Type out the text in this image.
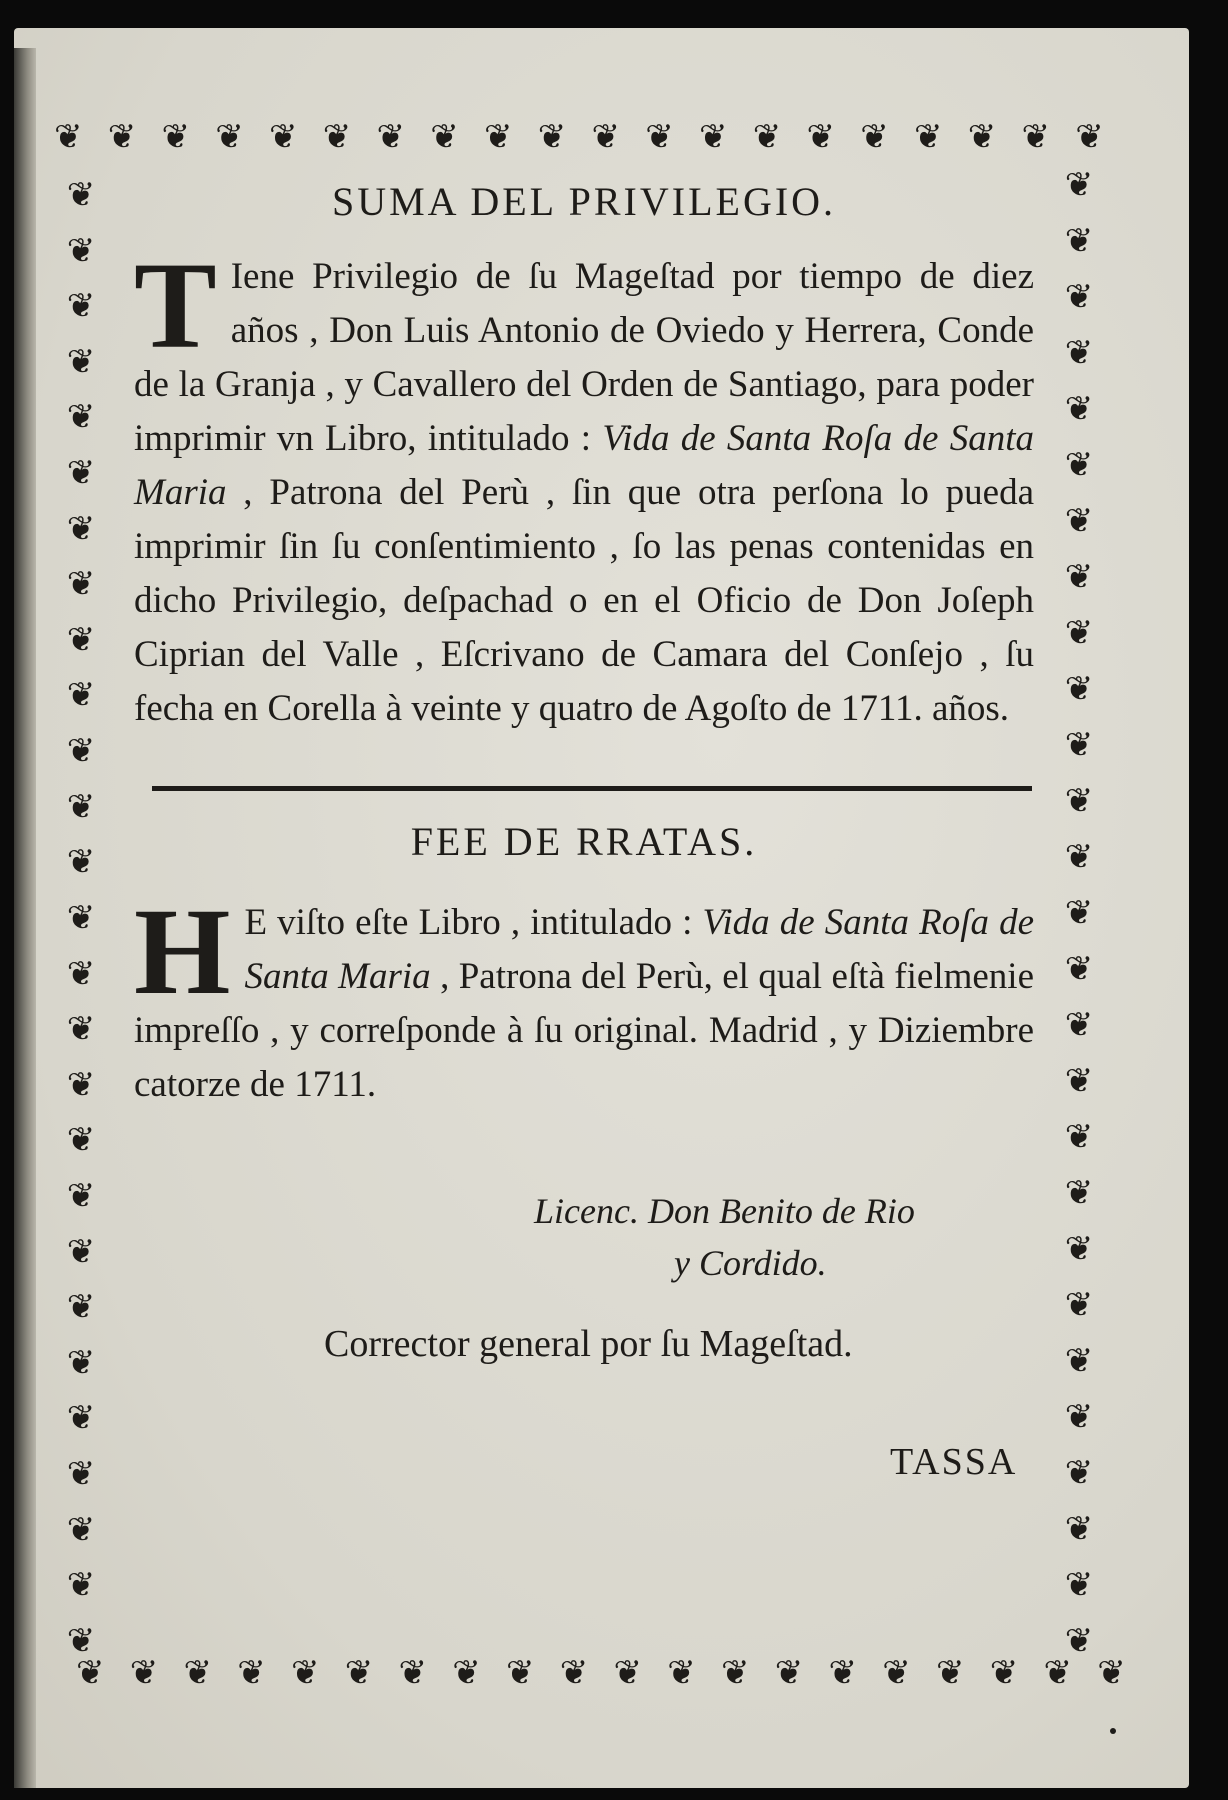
❦ ❦ ❦ ❦ ❦ ❦ ❦ ❦ ❦ ❦ ❦ ❦ ❦ ❦ ❦ ❦ ❦ ❦ ❦ ❦
❦ ❦ ❦ ❦ ❦ ❦ ❦ ❦ ❦ ❦ ❦ ❦ ❦ ❦ ❦ ❦ ❦ ❦ ❦ ❦
❦
❦
❦
❦
❦
❦
❦
❦
❦
❦
❦
❦
❦
❦
❦
❦
❦
❦
❦
❦
❦
❦
❦
❦
❦
❦
❦
❦
❦
❦
❦
❦
❦
❦
❦
❦
❦
❦
❦
❦
❦
❦
❦
❦
❦
❦
❦
❦
❦
❦
❦
❦
❦
❦
SUMA DEL PRIVILEGIO.
T Iene Privilegio de ſu Mageſtad por tiempo de diez años , Don Luis Antonio de Oviedo y Herrera, Conde de la Granja , y Cavallero del Orden de Santiago, para poder imprimir vn Libro, intitulado : Vida de Santa Roſa de Santa Maria , Patrona del Perù , ſin que otra perſona lo pueda imprimir ſin ſu conſentimiento , ſo las penas contenidas en dicho Privilegio, deſpachad o en el Oficio de Don Joſeph Ciprian del Valle , Eſcrivano de Camara del Conſejo , ſu fecha en Corella à veinte y quatro de Agoſto de 1711. años.
FEE DE RRATAS.
H E viſto eſte Libro , intitulado : Vida de Santa Roſa de Santa Maria , Patrona del Perù, el qual eſtà fielmenie impreſſo , y correſponde à ſu original. Madrid , y Diziembre catorze de 1711.
Licenc. Don Benito de Rio
y Cordido.
Corrector general por ſu Mageſtad.
TASSA
